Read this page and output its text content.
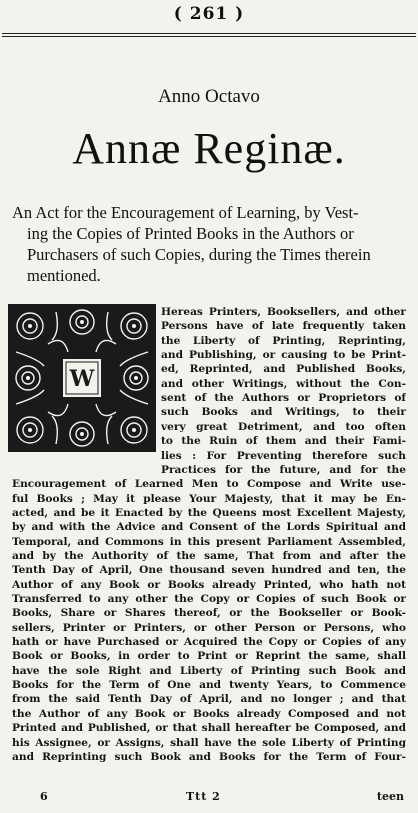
( 261 )
Anno Octavo
Annæ Reginæ.
An Act for the Encouragement of Learning, by Vest-
ing the Copies of Printed Books in the Authors or
Purchasers of such Copies, during the Times therein
mentioned.
W
Hereas Printers, Booksellers, and other
Persons have of late frequently taken
the Liberty of Printing, Reprinting,
and Publishing, or causing to be Print-
ed, Reprinted, and Published Books,
and other Writings, without the Con-
sent of the Authors or Proprietors of
such Books and Writings, to their
very great Detriment, and too often
to the Ruin of them and their Fami-
lies : For Preventing therefore such
Practices for the future, and for the
Encouragement of Learned Men to Compose and Write use-
ful Books ; May it please Your Majesty, that it may be En-
acted, and be it Enacted by the Queens most Excellent Majesty,
by and with the Advice and Consent of the Lords Spiritual and
Temporal, and Commons in this present Parliament Assembled,
and by the Authority of the same, That from and after the
Tenth Day of April, One thousand seven hundred and ten, the
Author of any Book or Books already Printed, who hath not
Transferred to any other the Copy or Copies of such Book or
Books, Share or Shares thereof, or the Bookseller or Book-
sellers, Printer or Printers, or other Person or Persons, who
hath or have Purchased or Acquired the Copy or Copies of any
Book or Books, in order to Print or Reprint the same, shall
have the sole Right and Liberty of Printing such Book and
Books for the Term of One and twenty Years, to Commence
from the said Tenth Day of April, and no longer ; and that
the Author of any Book or Books already Composed and not
Printed and Published, or that shall hereafter be Composed, and
his Assignee, or Assigns, shall have the sole Liberty of Printing
and Reprinting such Book and Books for the Term of Four-
6	Ttt 2	teen
